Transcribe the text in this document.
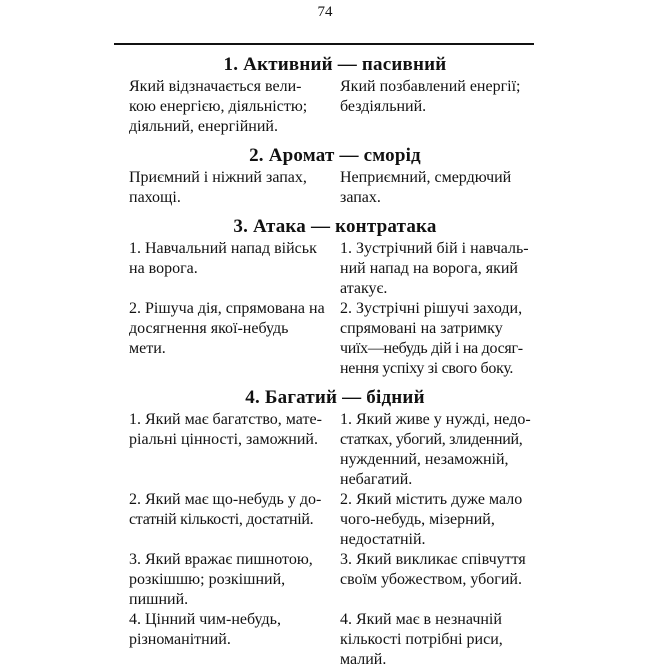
74
1. Активний — пасивний
Який відзначається вели-
кою енергією, діяльністю;
діяльний, енергійний.
Який позбавлений енергії;
бездіяльний.
2. Аромат — сморід
Приємний і ніжний запах,
пахощі.
Неприємний, смердючий
запах.
3. Атака — контратака
1. Навчальний напад військ
на ворога.
1. Зустрічний бій і навчаль-
ний напад на ворога, який
атакує.
2. Рішуча дія, спрямована на
досягнення якої-небудь
мети.
2. Зустрічні рішучі заходи,
спрямовані на затримку
чиїх—небудь дій і на досяг-
нення успіху зі свого боку.
4. Багатий — бідний
1. Який має багатство, мате-
ріальні цінності, заможний.
1. Який живе у нужді, недо-
статках, убогий, злиденний,
нужденний, незаможній,
небагатий.
2. Який має що-небудь у до-
статній кількості, достатній.
2. Який містить дуже мало
чого-небудь, мізерний,
недостатній.
3. Який вражає пишнотою,
розкішшю; розкішний,
пишний.
3. Який викликає співчуття
своїм убожеством, убогий.
4. Цінний чим-небудь,
різноманітний.
4. Який має в незначній
кількості потрібні риси,
малий.
